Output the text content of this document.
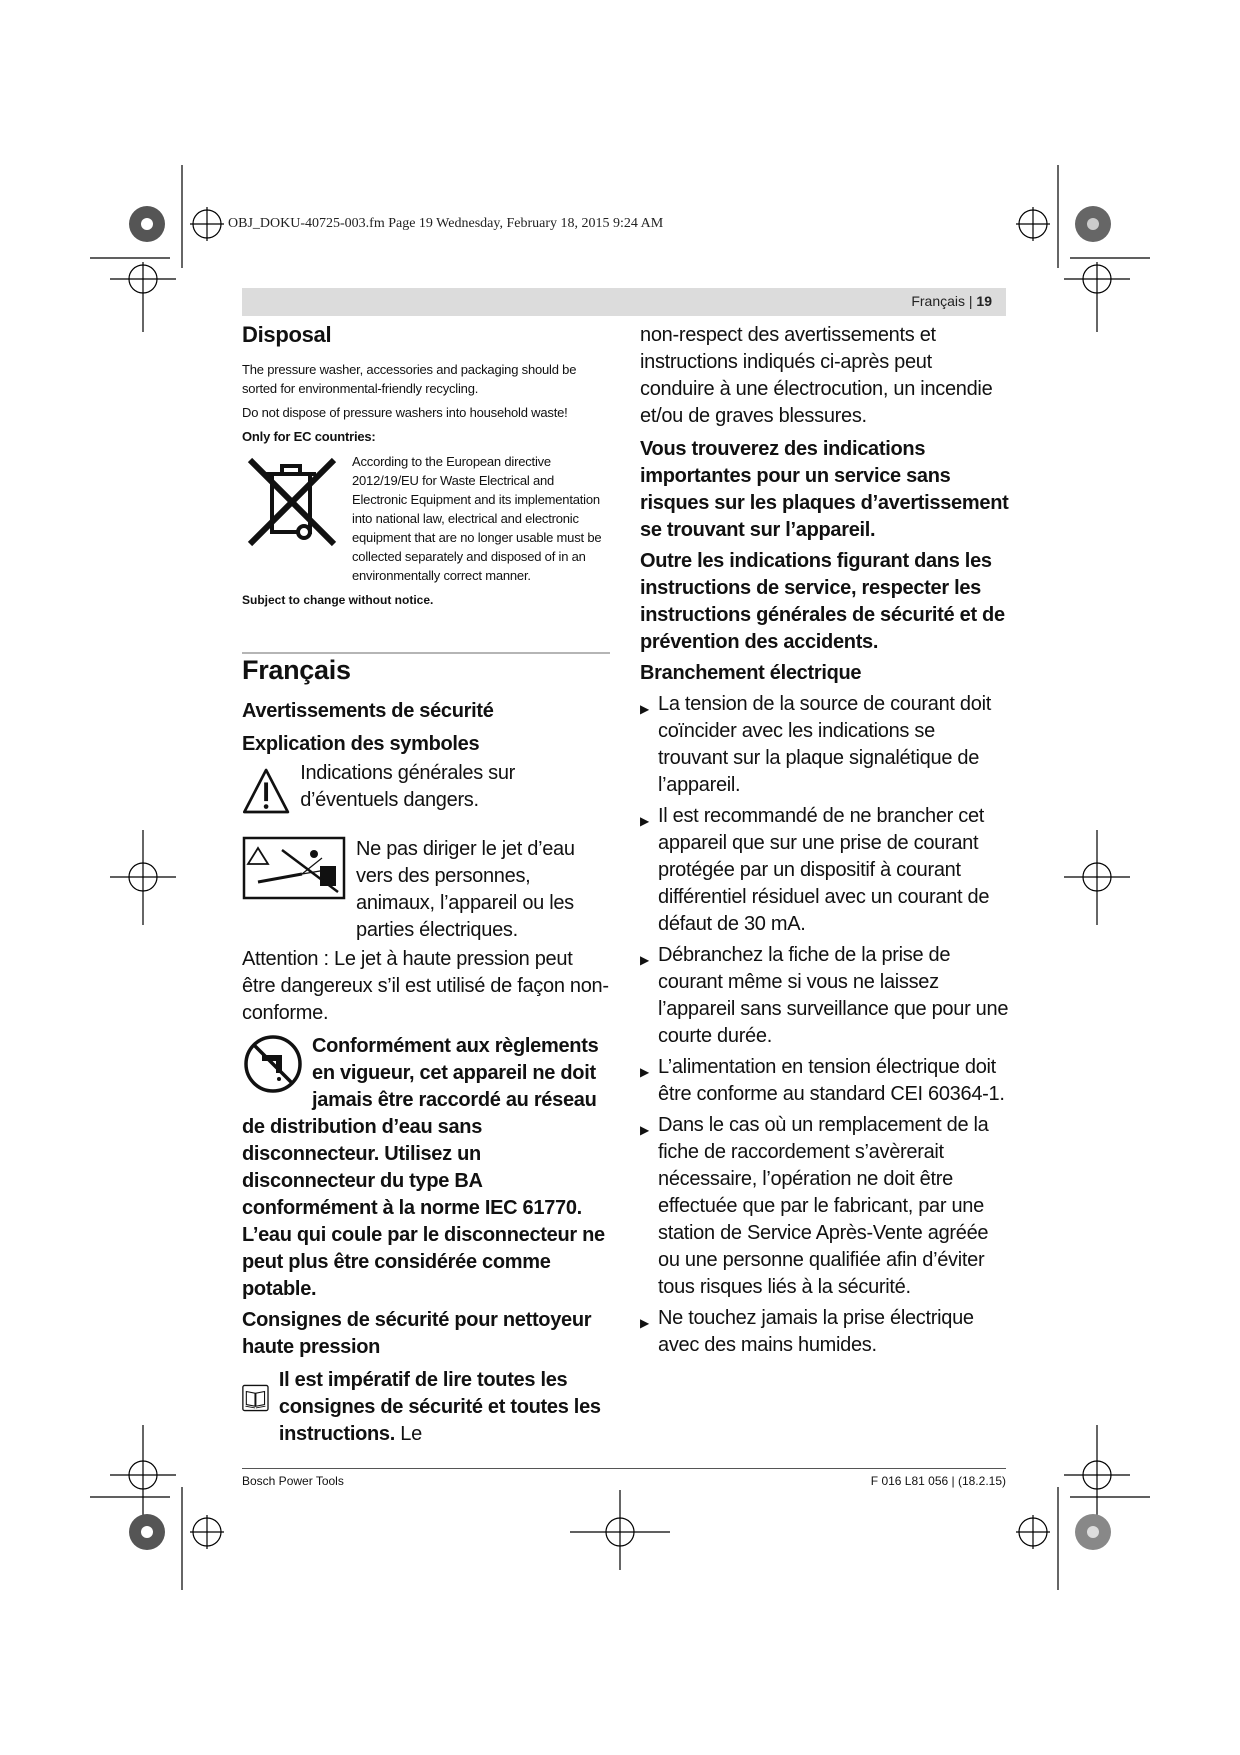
OBJ_DOKU-40725-003.fm Page 19 Wednesday, February 18, 2015 9:24 AM
Français | 19
Disposal

The pressure washer, accessories and packaging should be sorted for environmental-friendly recycling.

Do not dispose of pressure washers into household waste!

Only for EC countries:

According to the European directive 2012/19/EU for Waste Electrical and Electronic Equipment and its implementation into national law, electrical and electronic equipment that are no longer usable must be collected separately and disposed of in an environmentally correct manner.
Subject to change without notice.
Français
Avertissements de sécurité
Explication des symboles
Indications générales sur d’éventuels dangers.
Ne pas diriger le jet d’eau vers des personnes, animaux, l’appareil ou les parties électriques.
Attention : Le jet à haute pression peut être dangereux s’il est utilisé de façon non-conforme.
Conformément aux règlements en vigueur, cet appareil ne doit jamais être raccordé au réseau de distribution d’eau sans disconnecteur. Utilisez un disconnecteur du type BA conformément à la norme IEC 61770. L’eau qui coule par le disconnecteur ne peut plus être considérée comme potable.
Consignes de sécurité pour nettoyeur haute pression
Il est impératif de lire toutes les consignes de sécurité et toutes les instructions. Le
non-respect des avertissements et instructions indiqués ci-après peut conduire à une électrocution, un incendie et/ou de graves blessures.
Vous trouverez des indications importantes pour un service sans risques sur les plaques d’avertissement se trouvant sur l’appareil.
Outre les indications figurant dans les instructions de service, respecter les instructions générales de sécurité et de prévention des accidents.
Branchement électrique
▶ La tension de la source de courant doit coïncider avec les indications se trouvant sur la plaque signalétique de l’appareil.
▶ Il est recommandé de ne brancher cet appareil que sur une prise de courant protégée par un dispositif à courant différentiel résiduel avec un courant de défaut de 30 mA.
▶ Débranchez la fiche de la prise de courant même si vous ne laissez l’appareil sans surveillance que pour une courte durée.
▶ L’alimentation en tension électrique doit être conforme au standard CEI 60364-1.
▶ Dans le cas où un remplacement de la fiche de raccordement s’avèrerait nécessaire, l’opération ne doit être effectuée que par le fabricant, par une station de Service Après-Vente agréée ou une personne qualifiée afin d’éviter tous risques liés à la sécurité.
▶ Ne touchez jamais la prise électrique avec des mains humides.
Bosch Power Tools	F 016 L81 056 | (18.2.15)
